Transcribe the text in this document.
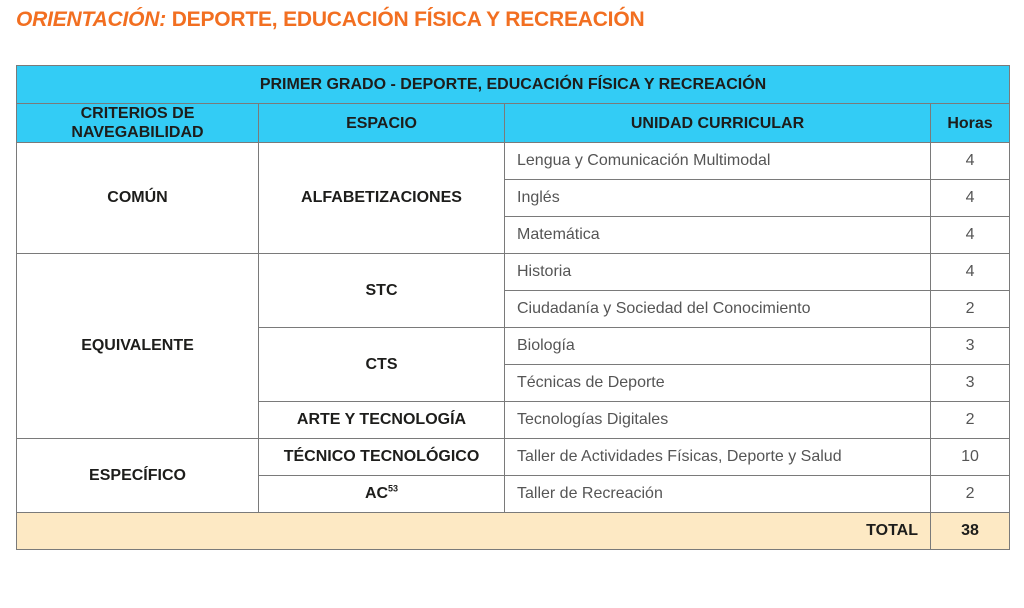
ORIENTACIÓN: DEPORTE, EDUCACIÓN FÍSICA Y RECREACIÓN
PRIMER GRADO - DEPORTE, EDUCACIÓN FÍSICA Y RECREACIÓN			
CRITERIOS DE
NAVEGABILIDAD	ESPACIO	UNIDAD CURRICULAR	Horas
COMÚN	ALFABETIZACIONES	Lengua y Comunicación Multimodal	4
		Inglés	4
		Matemática	4
EQUIVALENTE	STC	Historia	4
		Ciudadanía y Sociedad del Conocimiento	2
	CTS	Biología	3
		Técnicas de Deporte	3
	ARTE Y TECNOLOGÍA	Tecnologías Digitales	2
ESPECÍFICO	TÉCNICO TECNOLÓGICO	Taller de Actividades Físicas, Deporte y Salud	10
	AC$^{53}$	Taller de Recreación	2
TOTAL			38
